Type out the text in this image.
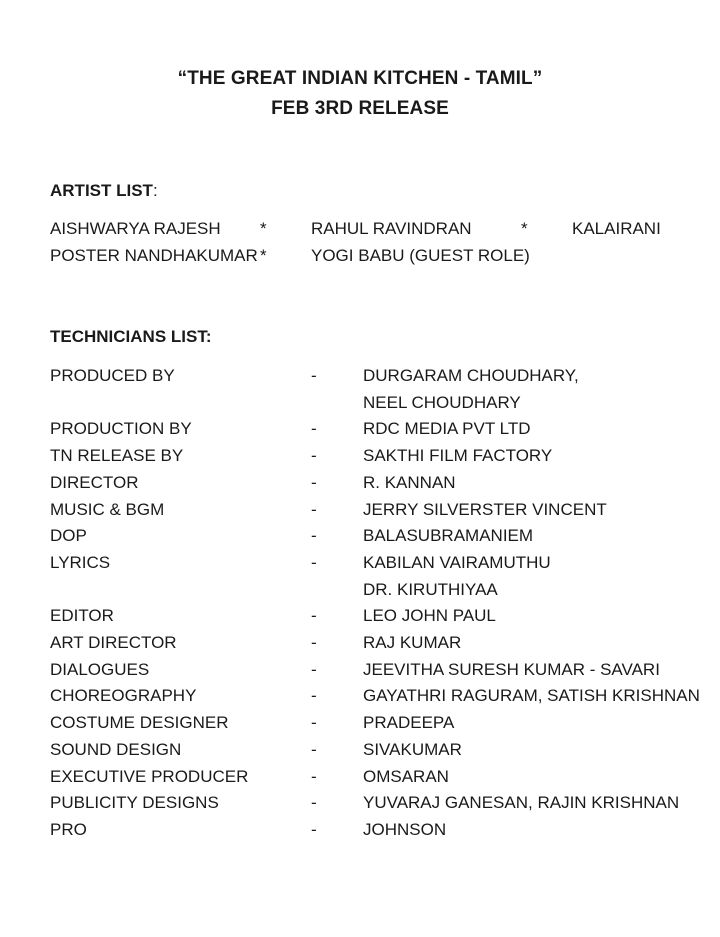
“THE GREAT INDIAN KITCHEN - TAMIL”
FEB 3RD RELEASE
ARTIST LIST:
AISHWARYA RAJESH *	RAHUL RAVINDRAN	*	KALAIRANI
POSTER NANDHAKUMAR *	YOGI BABU (GUEST ROLE)
TECHNICIANS LIST:
PRODUCED BY	-	DURGARAM CHOUDHARY,
NEEL CHOUDHARY
PRODUCTION BY	-	RDC MEDIA PVT LTD
TN RELEASE BY	-	SAKTHI FILM FACTORY
DIRECTOR	-	R. KANNAN
MUSIC & BGM	-	JERRY SILVERSTER VINCENT
DOP	-	BALASUBRAMANIEM
LYRICS	-	KABILAN VAIRAMUTHU
DR. KIRUTHIYAA
EDITOR	-	LEO JOHN PAUL
ART DIRECTOR	-	RAJ KUMAR
DIALOGUES	-	JEEVITHA SURESH KUMAR - SAVARI
CHOREOGRAPHY	-	GAYATHRI RAGURAM, SATISH KRISHNAN
COSTUME DESIGNER	-	PRADEEPA
SOUND DESIGN	-	SIVAKUMAR
EXECUTIVE PRODUCER	-	OMSARAN
PUBLICITY DESIGNS	-	YUVARAJ GANESAN, RAJIN KRISHNAN
PRO	-	JOHNSON
